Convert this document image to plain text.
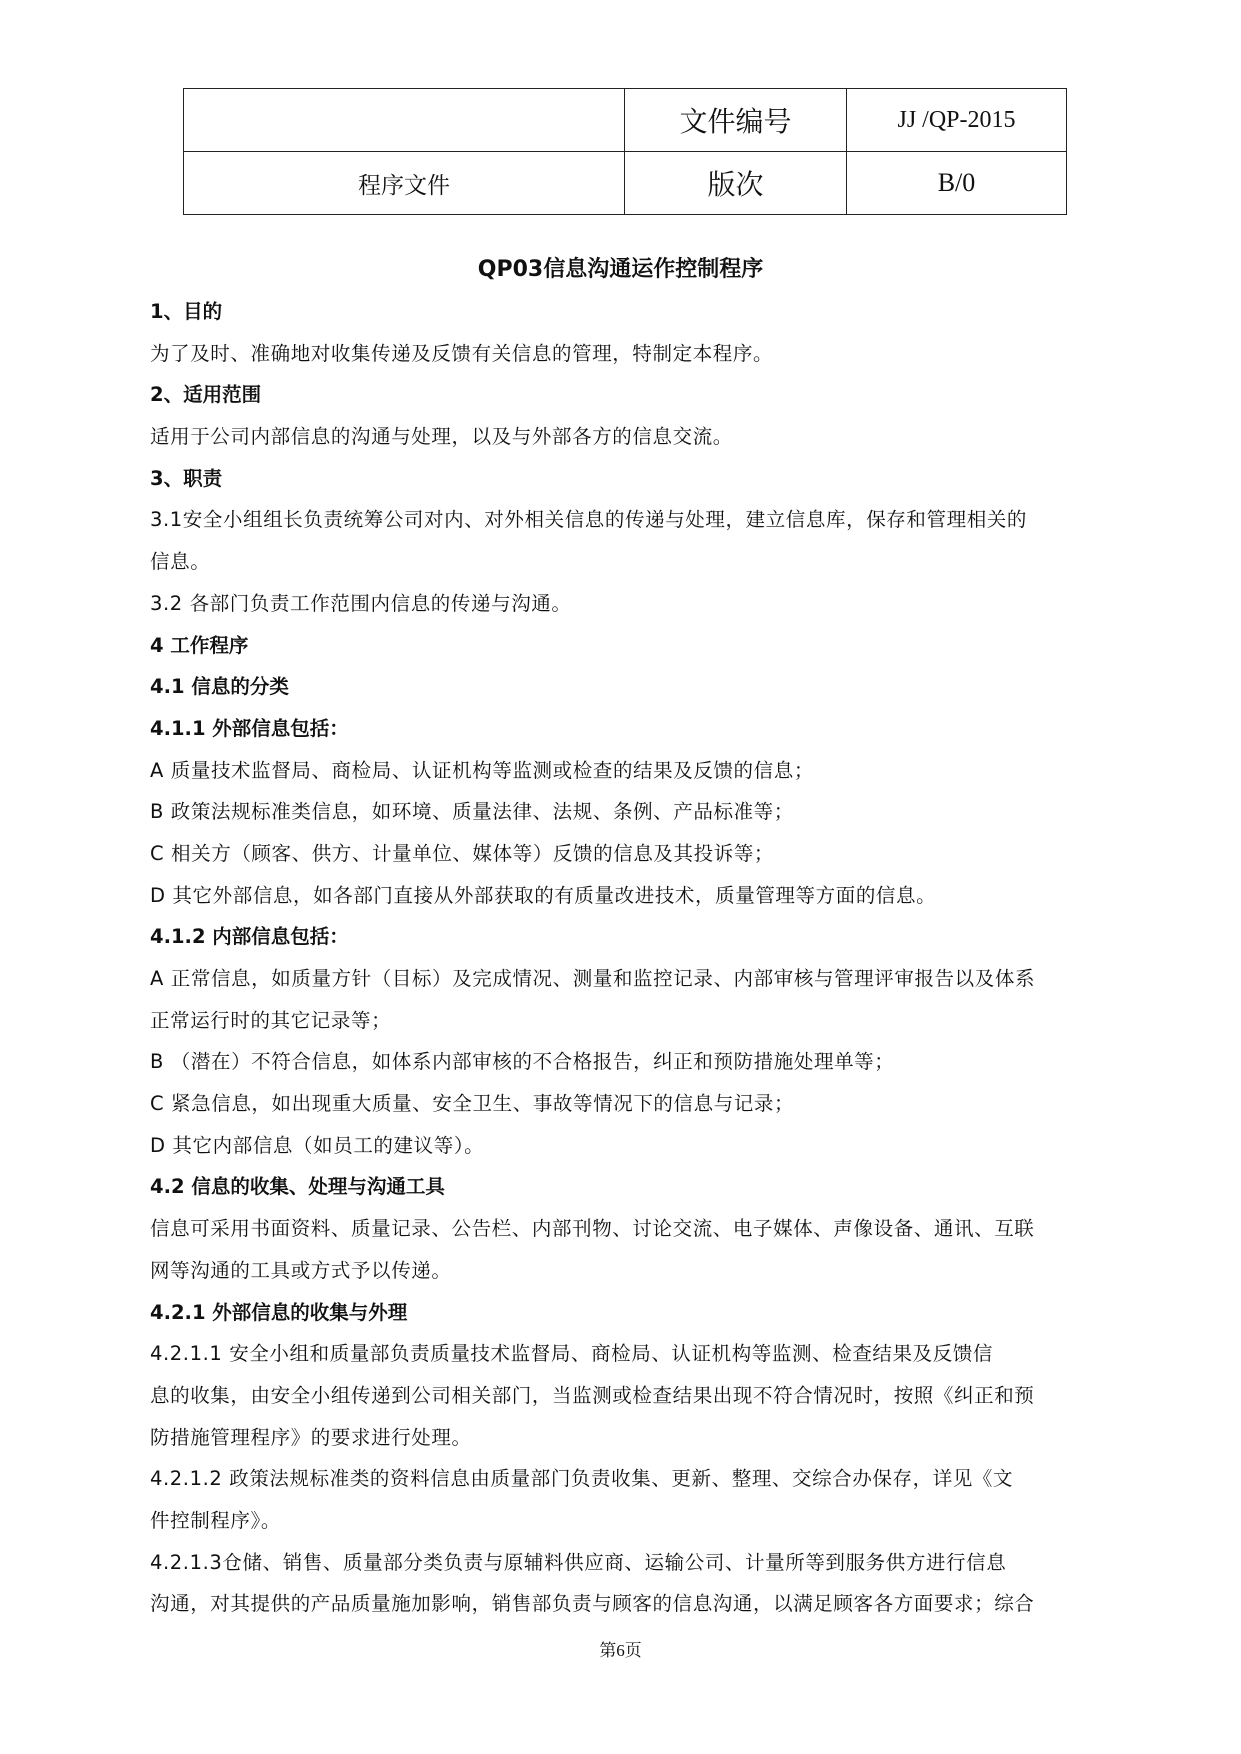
	文件编号	JJ /QP-2015
程序文件	版次	B/0
QP03信息沟通运作控制程序
1、目的
为了及时、准确地对收集传递及反馈有关信息的管理，特制定本程序。
2、适用范围
适用于公司内部信息的沟通与处理，以及与外部各方的信息交流。
3、职责
3.1安全小组组长负责统筹公司对内、对外相关信息的传递与处理，建立信息库，保存和管理相关的
信息。
3.2 各部门负责工作范围内信息的传递与沟通。
4 工作程序
4.1 信息的分类
4.1.1 外部信息包括：
A 质量技术监督局、商检局、认证机构等监测或检查的结果及反馈的信息；
B 政策法规标准类信息，如环境、质量法律、法规、条例、产品标准等；
C 相关方（顾客、供方、计量单位、媒体等）反馈的信息及其投诉等；
D 其它外部信息，如各部门直接从外部获取的有质量改进技术，质量管理等方面的信息。
4.1.2 内部信息包括：
A 正常信息，如质量方针（目标）及完成情况、测量和监控记录、内部审核与管理评审报告以及体系
正常运行时的其它记录等；
B （潜在）不符合信息，如体系内部审核的不合格报告，纠正和预防措施处理单等；
C 紧急信息，如出现重大质量、安全卫生、事故等情况下的信息与记录；
D 其它内部信息（如员工的建议等）。
4.2 信息的收集、处理与沟通工具
信息可采用书面资料、质量记录、公告栏、内部刊物、讨论交流、电子媒体、声像设备、通讯、互联
网等沟通的工具或方式予以传递。
4.2.1 外部信息的收集与外理
4.2.1.1 安全小组和质量部负责质量技术监督局、商检局、认证机构等监测、检查结果及反馈信
息的收集，由安全小组传递到公司相关部门，当监测或检查结果出现不符合情况时，按照《纠正和预
防措施管理程序》的要求进行处理。
4.2.1.2 政策法规标准类的资料信息由质量部门负责收集、更新、整理、交综合办保存，详见《文
件控制程序》。
4.2.1.3仓储、销售、质量部分类负责与原辅料供应商、运输公司、计量所等到服务供方进行信息
沟通，对其提供的产品质量施加影响，销售部负责与顾客的信息沟通，以满足顾客各方面要求；综合
第6页
